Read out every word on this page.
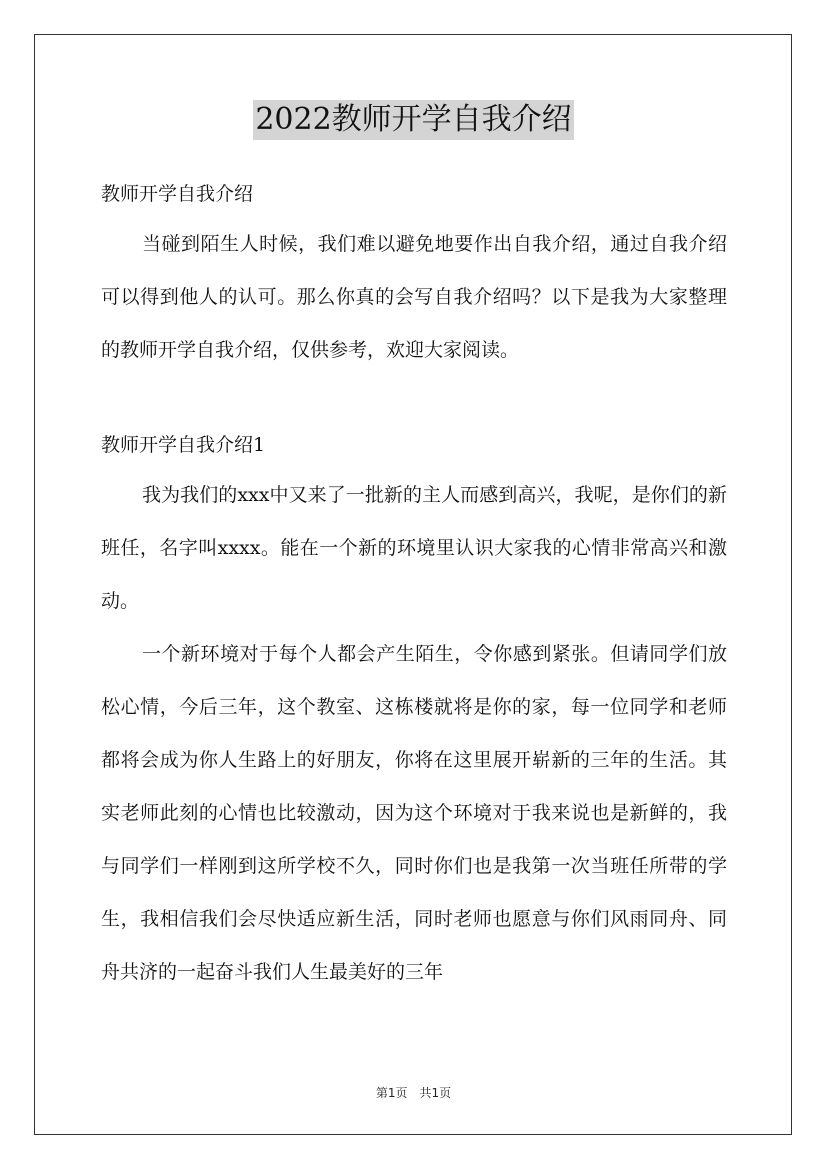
2022教师开学自我介绍

教师开学自我介绍

当碰到陌生人时候，我们难以避免地要作出自我介绍，通过自我介绍可以得到他人的认可。那么你真的会写自我介绍吗？以下是我为大家整理的教师开学自我介绍，仅供参考，欢迎大家阅读。

教师开学自我介绍1

我为我们的xxx中又来了一批新的主人而感到高兴，我呢，是你们的新班任，名字叫xxxx。能在一个新的环境里认识大家我的心情非常高兴和激动。

一个新环境对于每个人都会产生陌生，令你感到紧张。但请同学们放松心情，今后三年，这个教室、这栋楼就将是你的家，每一位同学和老师都将会成为你人生路上的好朋友，你将在这里展开崭新的三年的生活。其实老师此刻的心情也比较激动，因为这个环境对于我来说也是新鲜的，我与同学们一样刚到这所学校不久，同时你们也是我第一次当班任所带的学生，我相信我们会尽快适应新生活，同时老师也愿意与你们风雨同舟、同舟共济的一起奋斗我们人生最美好的三年

第1页　共1页
